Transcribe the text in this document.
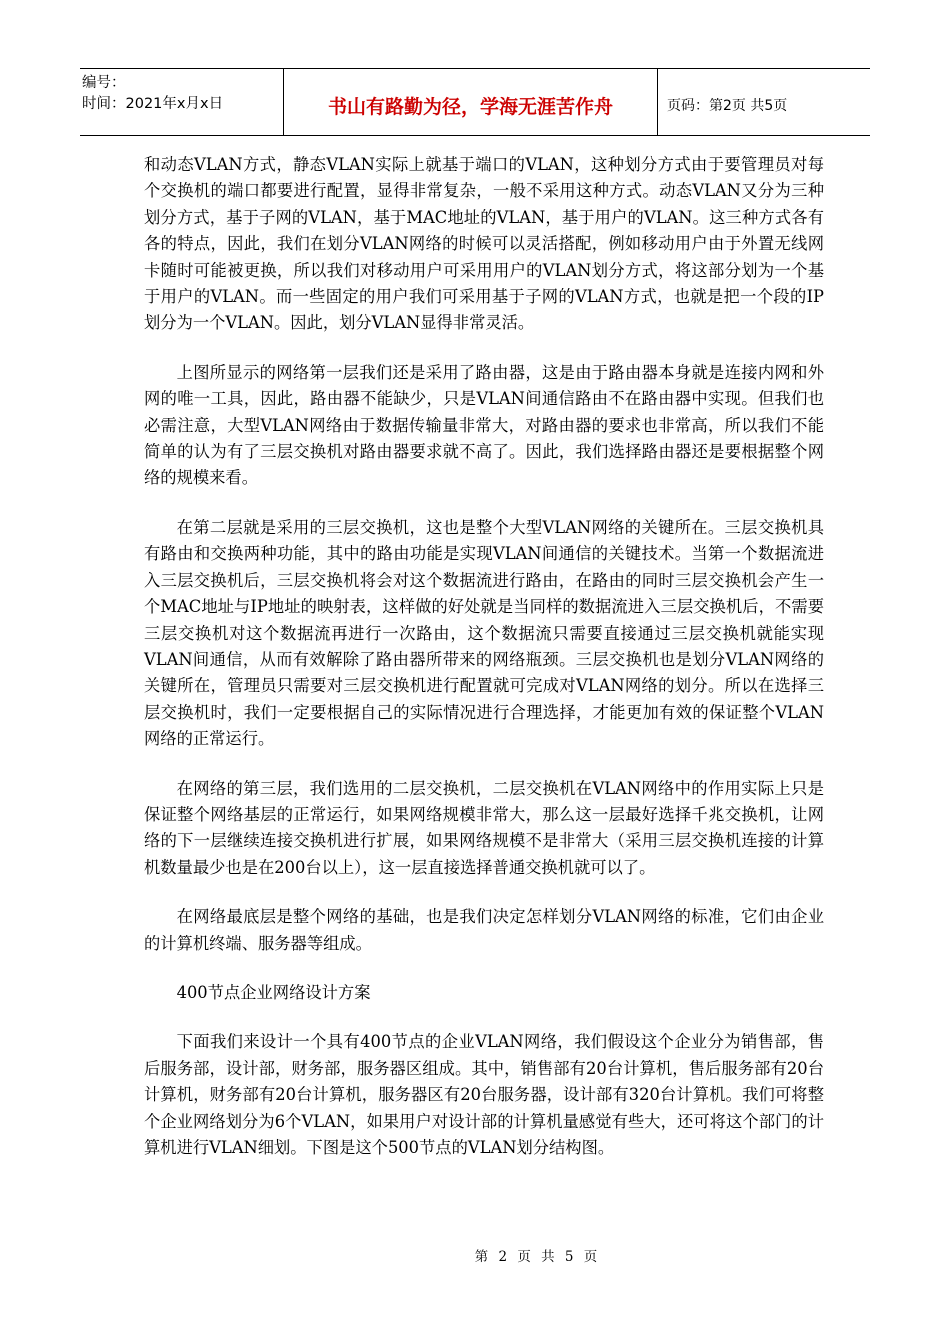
编号：
时间：2021年x月x日	书山有路勤为径，学海无涯苦作舟	页码：第2页 共5页

和动态VLAN方式，静态VLAN实际上就基于端口的VLAN，这种划分方式由于要管理员对每个交换机的端口都要进行配置，显得非常复杂，一般不采用这种方式。动态VLAN又分为三种划分方式，基于子网的VLAN，基于MAC地址的VLAN，基于用户的VLAN。这三种方式各有各的特点，因此，我们在划分VLAN网络的时候可以灵活搭配，例如移动用户由于外置无线网卡随时可能被更换，所以我们对移动用户可采用用户的VLAN划分方式，将这部分划为一个基于用户的VLAN。而一些固定的用户我们可采用基于子网的VLAN方式，也就是把一个段的IP划分为一个VLAN。因此，划分VLAN显得非常灵活。

上图所显示的网络第一层我们还是采用了路由器，这是由于路由器本身就是连接内网和外网的唯一工具，因此，路由器不能缺少，只是VLAN间通信路由不在路由器中实现。但我们也必需注意，大型VLAN网络由于数据传输量非常大，对路由器的要求也非常高，所以我们不能简单的认为有了三层交换机对路由器要求就不高了。因此，我们选择路由器还是要根据整个网络的规模来看。

在第二层就是采用的三层交换机，这也是整个大型VLAN网络的关键所在。三层交换机具有路由和交换两种功能，其中的路由功能是实现VLAN间通信的关键技术。当第一个数据流进入三层交换机后，三层交换机将会对这个数据流进行路由，在路由的同时三层交换机会产生一个MAC地址与IP地址的映射表，这样做的好处就是当同样的数据流进入三层交换机后，不需要三层交换机对这个数据流再进行一次路由，这个数据流只需要直接通过三层交换机就能实现VLAN间通信，从而有效解除了路由器所带来的网络瓶颈。三层交换机也是划分VLAN网络的关键所在，管理员只需要对三层交换机进行配置就可完成对VLAN网络的划分。所以在选择三层交换机时，我们一定要根据自己的实际情况进行合理选择，才能更加有效的保证整个VLAN网络的正常运行。

在网络的第三层，我们选用的二层交换机，二层交换机在VLAN网络中的作用实际上只是保证整个网络基层的正常运行，如果网络规模非常大，那么这一层最好选择千兆交换机，让网络的下一层继续连接交换机进行扩展，如果网络规模不是非常大（采用三层交换机连接的计算机数量最少也是在200台以上），这一层直接选择普通交换机就可以了。

在网络最底层是整个网络的基础，也是我们决定怎样划分VLAN网络的标准，它们由企业的计算机终端、服务器等组成。

400节点企业网络设计方案

下面我们来设计一个具有400节点的企业VLAN网络，我们假设这个企业分为销售部，售后服务部，设计部，财务部，服务器区组成。其中，销售部有20台计算机，售后服务部有20台计算机，财务部有20台计算机，服务器区有20台服务器，设计部有320台计算机。我们可将整个企业网络划分为6个VLAN，如果用户对设计部的计算机量感觉有些大，还可将这个部门的计算机进行VLAN细划。下图是这个500节点的VLAN划分结构图。

第 2 页 共 5 页
